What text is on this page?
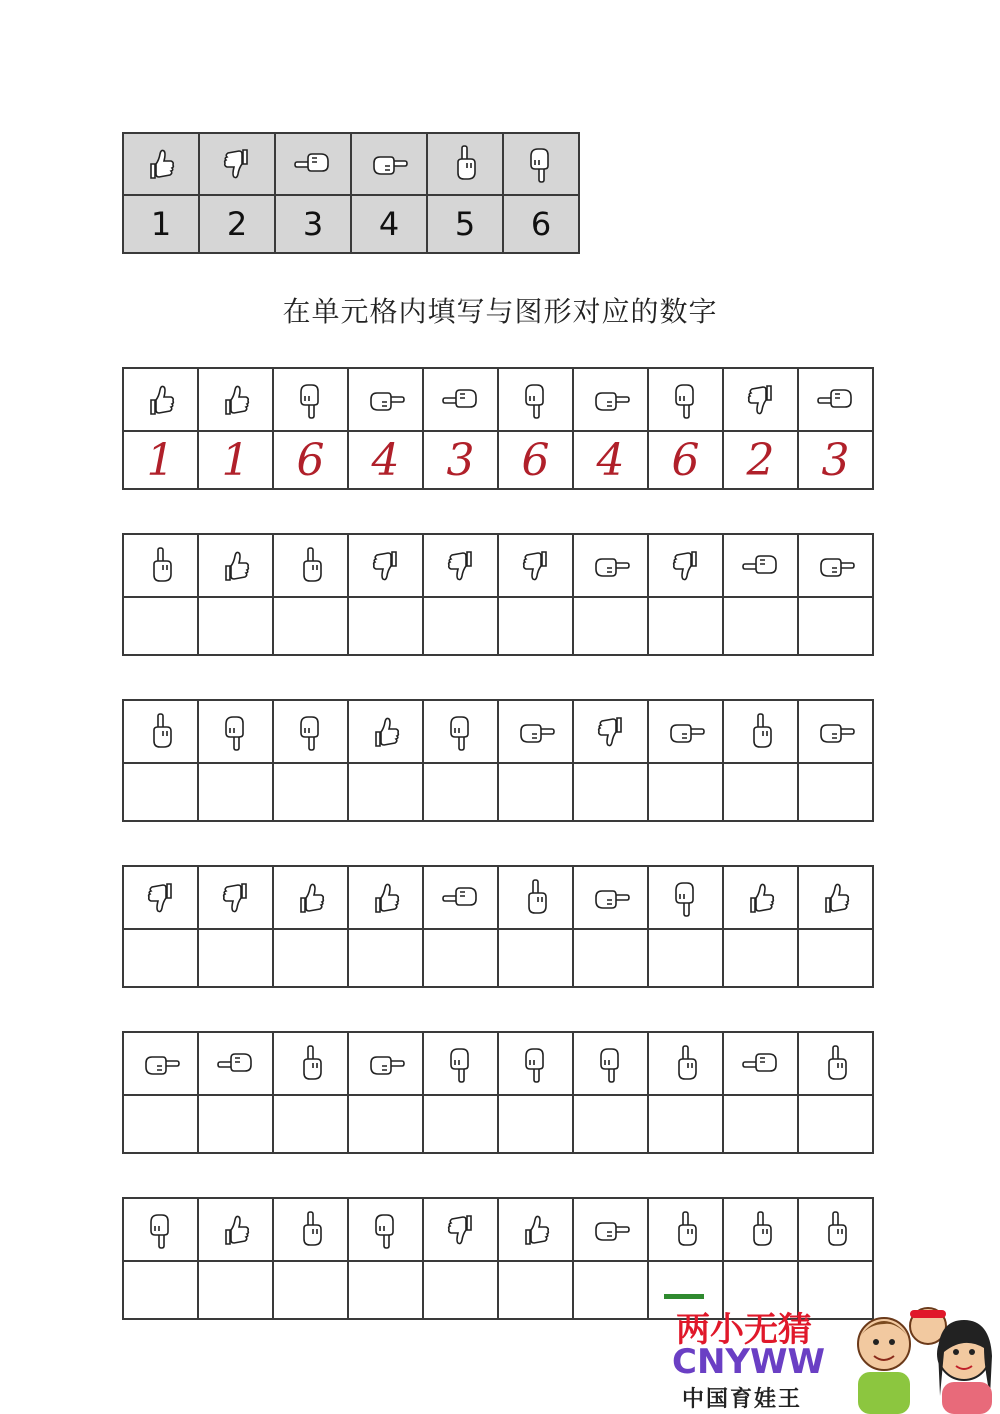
1	2	3	4	5	6
在单元格内填写与图形对应的数字

1	1	6	4	3	6	4	6	2	3

两小无猜
CNYWW
中国育娃王
